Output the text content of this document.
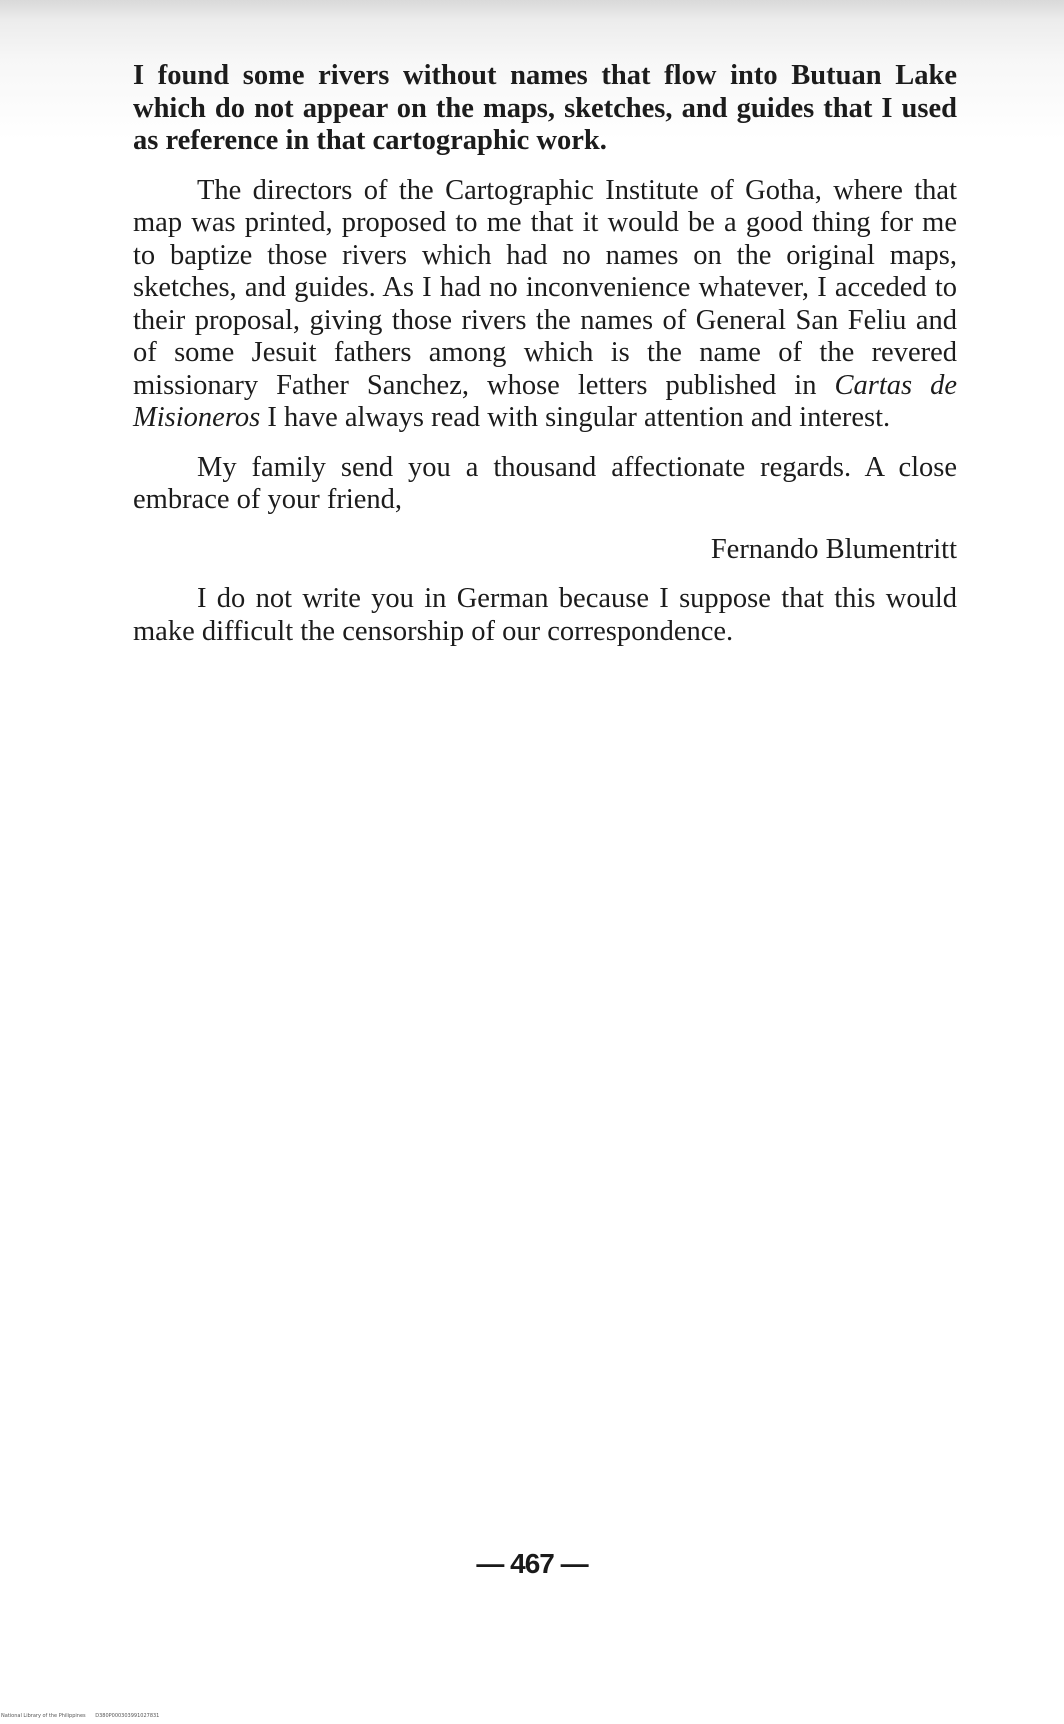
I found some rivers without names that flow into Butuan Lake which do not appear on the maps, sketches, and guides that I used as reference in that cartographic work.

The directors of the Cartographic Institute of Gotha, where that map was printed, proposed to me that it would be a good thing for me to baptize those rivers which had no names on the original maps, sketches, and guides. As I had no inconvenience whatever, I acceded to their proposal, giving those rivers the names of General San Feliu and of some Jesuit fathers among which is the name of the revered missionary Father Sanchez, whose letters published in Cartas de Misioneros I have always read with singular attention and interest.

My family send you a thousand affectionate regards. A close embrace of your friend,

Fernando Blumentritt

I do not write you in German because I suppose that this would make difficult the censorship of our correspondence.

— 467 —
National Library of the Philippines D380P000303991027831
